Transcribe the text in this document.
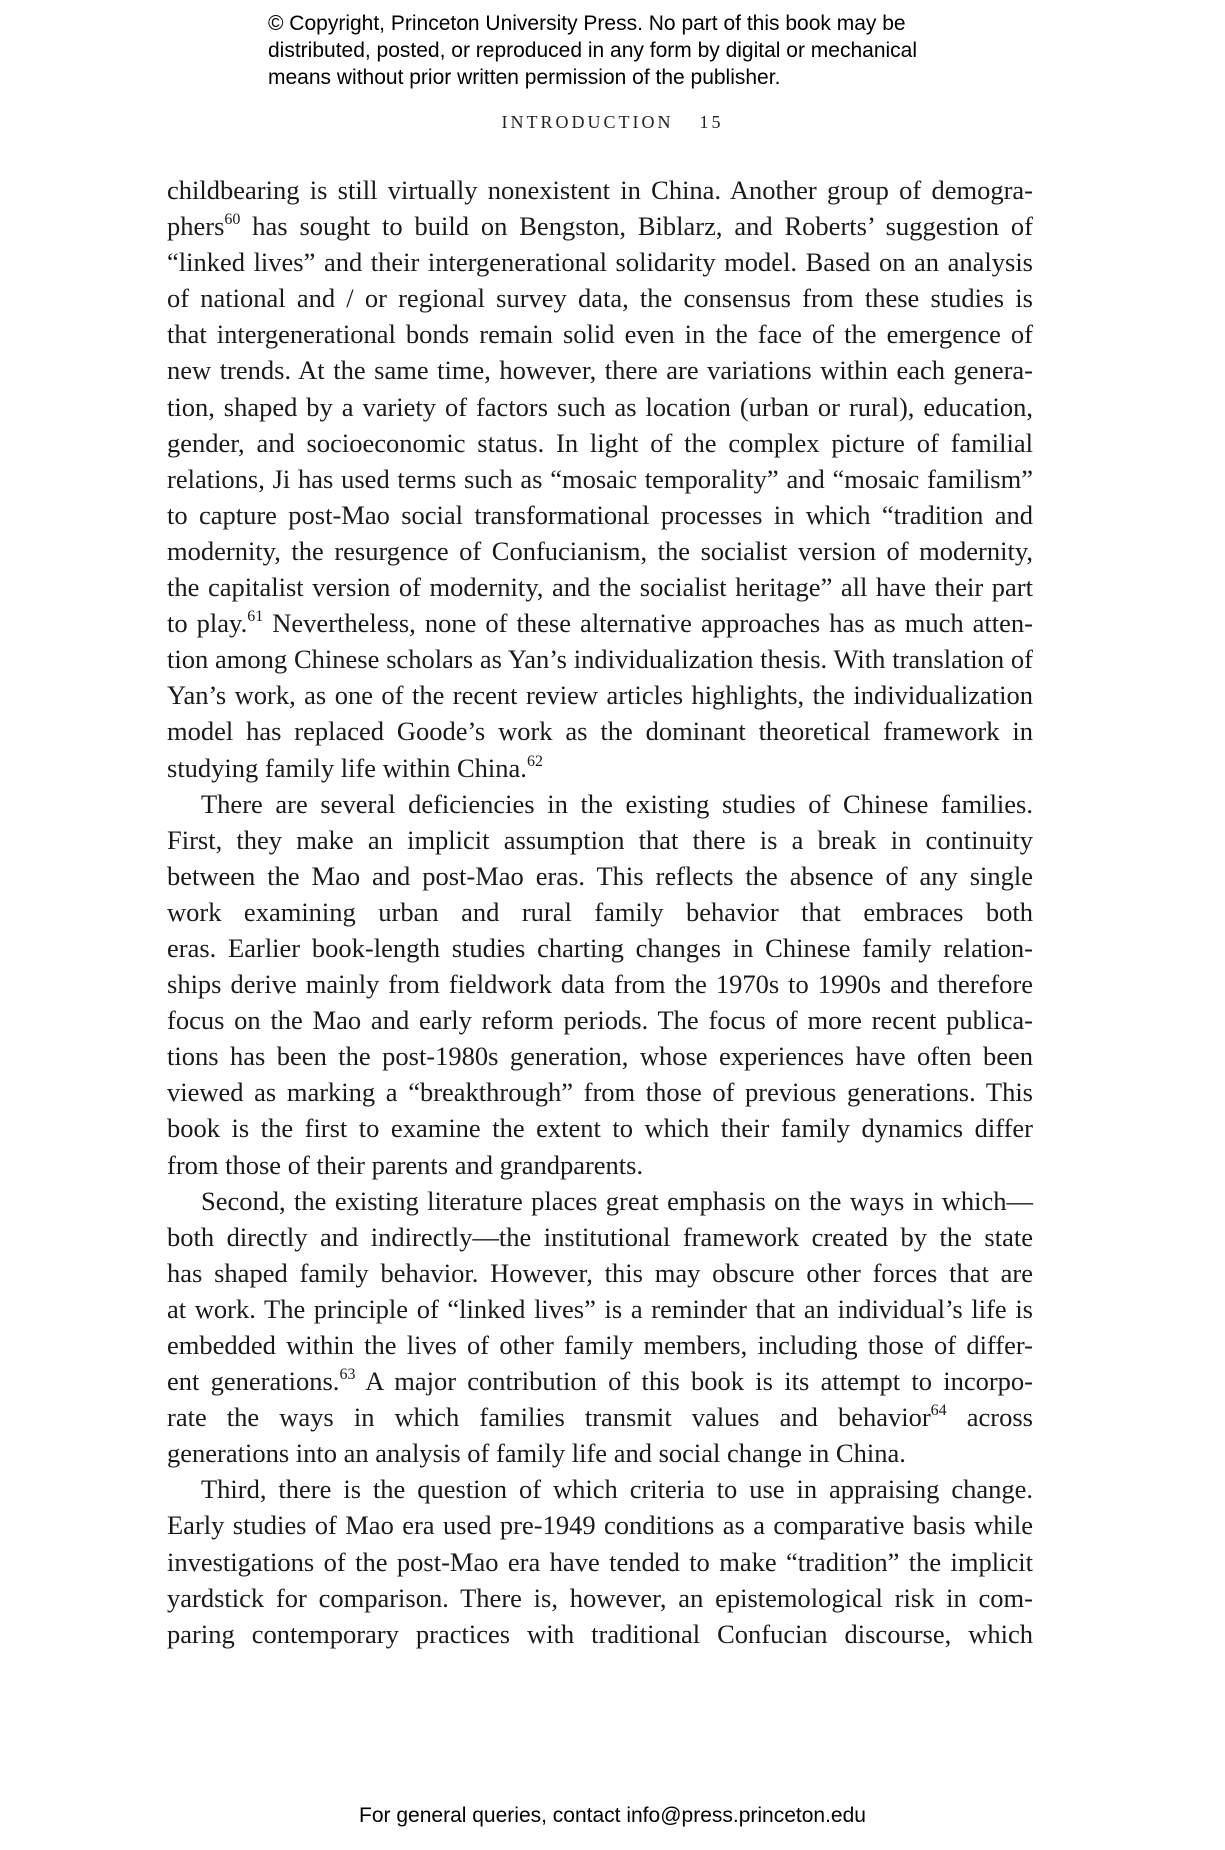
© Copyright, Princeton University Press. No part of this book may be
distributed, posted, or reproduced in any form by digital or mechanical
means without prior written permission of the publisher.
INTRODUCTION 15
childbearing is still virtually nonexistent in China. Another group of demogra-
phers$^{60}$ has sought to build on Bengston, Biblarz, and Roberts’ suggestion of
“linked lives” and their intergenerational solidarity model. Based on an analysis
of national and / or regional survey data, the consensus from these studies is
that intergenerational bonds remain solid even in the face of the emergence of
new trends. At the same time, however, there are variations within each genera-
tion, shaped by a variety of factors such as location (urban or rural), education,
gender, and socioeconomic status. In light of the complex picture of familial
relations, Ji has used terms such as “mosaic temporality” and “mosaic familism”
to capture post-Mao social transformational processes in which “tradition and
modernity, the resurgence of Confucianism, the socialist version of modernity,
the capitalist version of modernity, and the socialist heritage” all have their part
to play.$^{61}$ Nevertheless, none of these alternative approaches has as much atten-
tion among Chinese scholars as Yan’s individualization thesis. With translation of
Yan’s work, as one of the recent review articles highlights, the individualization
model has replaced Goode’s work as the dominant theoretical framework in
studying family life within China.$^{62}$
There are several deficiencies in the existing studies of Chinese families.
First, they make an implicit assumption that there is a break in continuity
between the Mao and post-Mao eras. This reflects the absence of any single
work examining urban and rural family behavior that embraces both
eras. Earlier book-length studies charting changes in Chinese family relation-
ships derive mainly from fieldwork data from the 1970s to 1990s and therefore
focus on the Mao and early reform periods. The focus of more recent publica-
tions has been the post-1980s generation, whose experiences have often been
viewed as marking a “breakthrough” from those of previous generations. This
book is the first to examine the extent to which their family dynamics differ
from those of their parents and grandparents.
Second, the existing literature places great emphasis on the ways in which—
both directly and indirectly—the institutional framework created by the state
has shaped family behavior. However, this may obscure other forces that are
at work. The principle of “linked lives” is a reminder that an individual’s life is
embedded within the lives of other family members, including those of differ-
ent generations.$^{63}$ A major contribution of this book is its attempt to incorpo-
rate the ways in which families transmit values and behavior$^{64}$ across
generations into an analysis of family life and social change in China.
Third, there is the question of which criteria to use in appraising change.
Early studies of Mao era used pre-1949 conditions as a comparative basis while
investigations of the post-Mao era have tended to make “tradition” the implicit
yardstick for comparison. There is, however, an epistemological risk in com-
paring contemporary practices with traditional Confucian discourse, which
For general queries, contact info@press.princeton.edu
